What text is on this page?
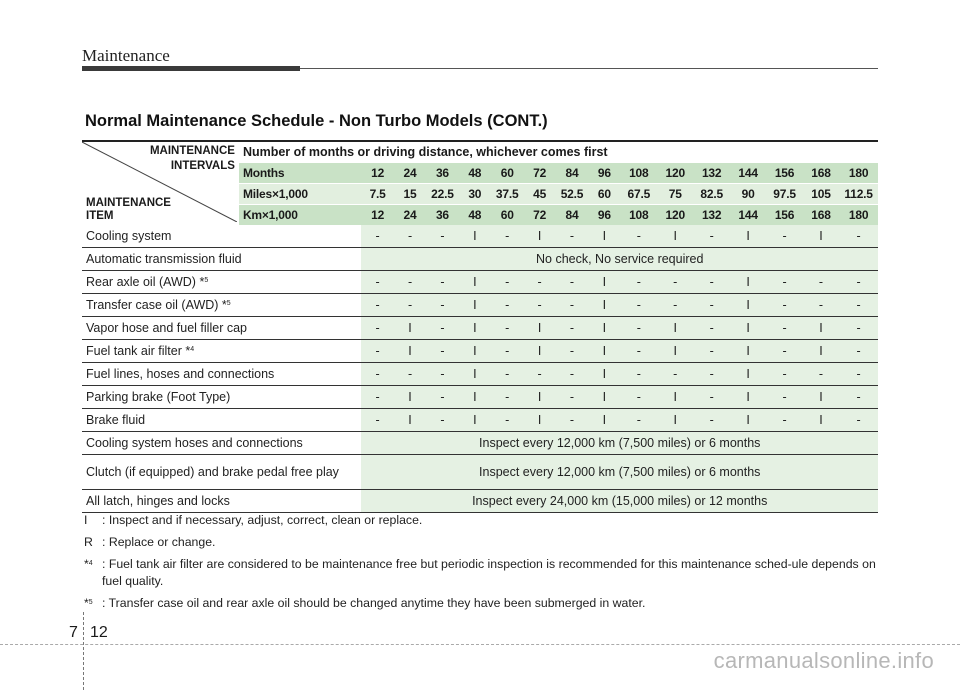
Maintenance
Normal Maintenance Schedule - Non Turbo Models (CONT.)
MAINTENANCE
INTERVALS
MAINTENANCE
ITEM	Number of months or driving distance, whichever comes first															
	Months	12	24	36	48	60	72	84	96	108	120	132	144	156	168	180
	Miles×1,000	7.5	15	22.5	30	37.5	45	52.5	60	67.5	75	82.5	90	97.5	105	112.5
	Km×1,000	12	24	36	48	60	72	84	96	108	120	132	144	156	168	180
Cooling system		-	-	-	I	-	I	-	I	-	I	-	I	-	I	-
Automatic transmission fluid		No check, No service required														
Rear axle oil (AWD) *$^5$		-	-	-	I	-	-	-	I	-	-	-	I	-	-	-
Transfer case oil (AWD) *$^5$		-	-	-	I	-	-	-	I	-	-	-	I	-	-	-
Vapor hose and fuel filler cap		-	I	-	I	-	I	-	I	-	I	-	I	-	I	-
Fuel tank air filter *$^4$		-	I	-	I	-	I	-	I	-	I	-	I	-	I	-
Fuel lines, hoses and connections		-	-	-	I	-	-	-	I	-	-	-	I	-	-	-
Parking brake (Foot Type)		-	I	-	I	-	I	-	I	-	I	-	I	-	I	-
Brake fluid		-	I	-	I	-	I	-	I	-	I	-	I	-	I	-
Cooling system hoses and connections		Inspect every 12,000 km (7,500 miles) or 6 months														
Clutch (if equipped) and brake pedal free play		Inspect every 12,000 km (7,500 miles) or 6 months														
All latch, hinges and locks		Inspect every 24,000 km (15,000 miles) or 12 months														
I	: Inspect and if necessary, adjust, correct, clean or replace.
R : Replace or change.
*$^4$ : Fuel tank air filter are considered to be maintenance free but periodic inspection is recommended for this maintenance sched-ule depends on fuel quality.
*$^5$ : Transfer case oil and rear axle oil should be changed anytime they have been submerged in water.
7 12
carmanualsonline.info
